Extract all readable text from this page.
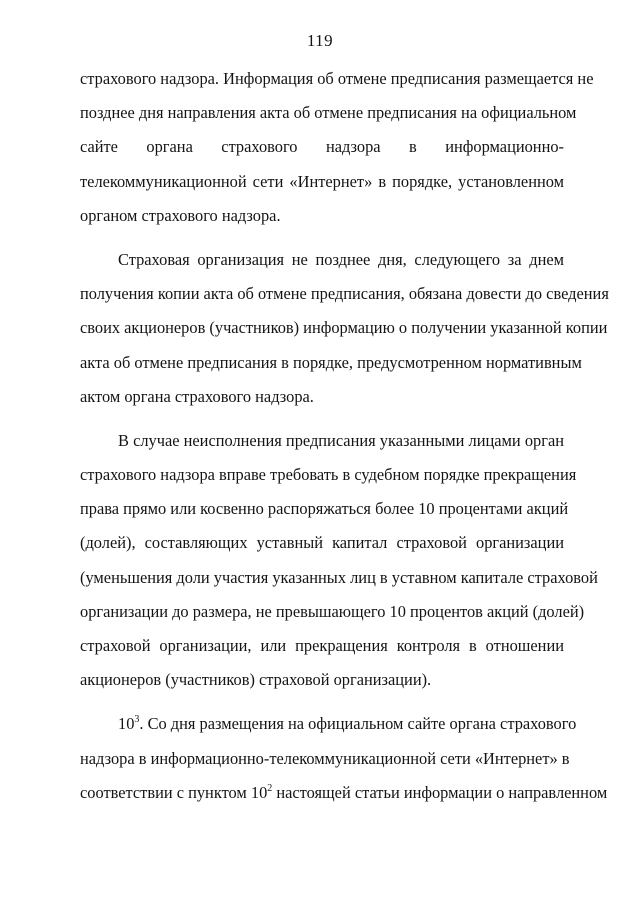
119
страхового надзора. Информация об отмене предписания размещается не
позднее дня направления акта об отмене предписания на официальном
сайте органа страхового надзора в информационно-
телекоммуникационной сети «Интернет» в порядке, установленном
органом страхового надзора.
Страховая организация не позднее дня, следующего за днем
получения копии акта об отмене предписания, обязана довести до сведения
своих акционеров (участников) информацию о получении указанной копии
акта об отмене предписания в порядке, предусмотренном нормативным
актом органа страхового надзора.
В случае неисполнения предписания указанными лицами орган
страхового надзора вправе требовать в судебном порядке прекращения
права прямо или косвенно распоряжаться более 10 процентами акций
(долей), составляющих уставный капитал страховой организации
(уменьшения доли участия указанных лиц в уставном капитале страховой
организации до размера, не превышающего 10 процентов акций (долей)
страховой организации, или прекращения контроля в отношении
акционеров (участников) страховой организации).
$10^3$. Со дня размещения на официальном сайте органа страхового
надзора в информационно-телекоммуникационной сети «Интернет» в
соответствии с пунктом $10^2$ настоящей статьи информации о направленном
